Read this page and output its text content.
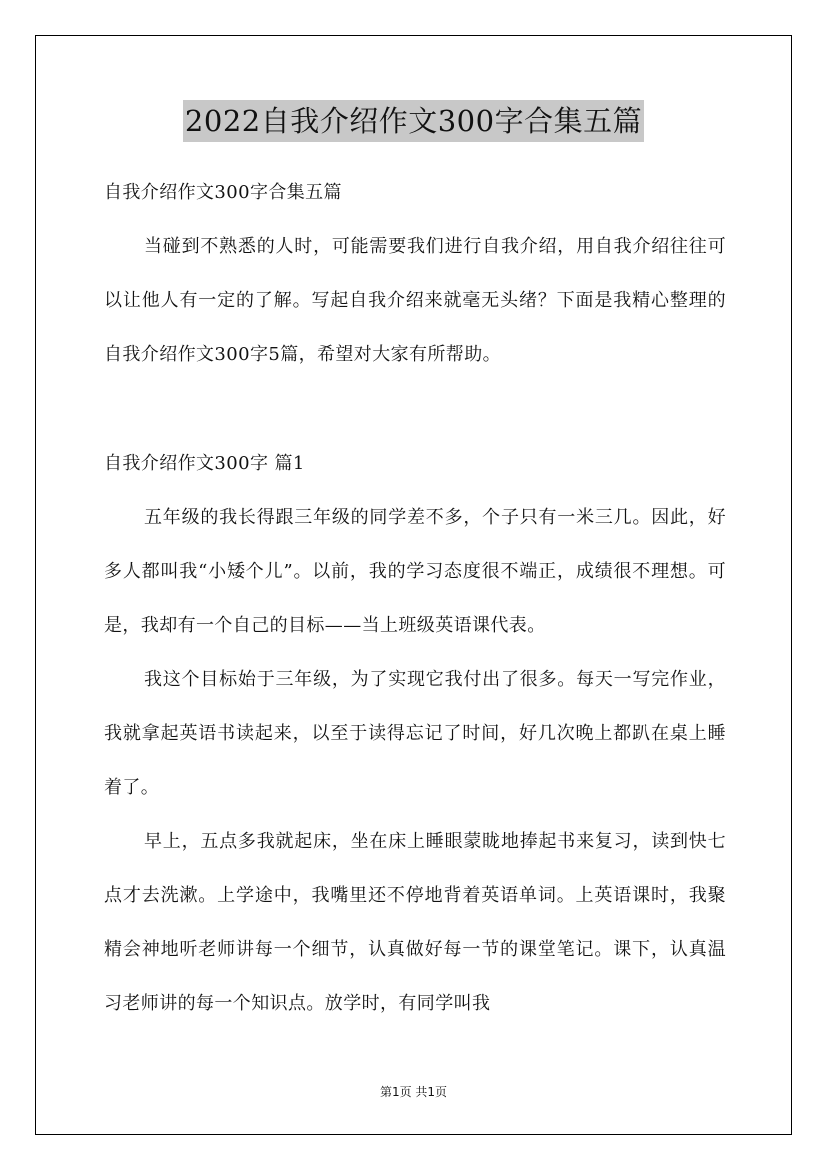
2022自我介绍作文300字合集五篇
自我介绍作文300字合集五篇

当碰到不熟悉的人时，可能需要我们进行自我介绍，用自我介绍往往可以让他人有一定的了解。写起自我介绍来就毫无头绪？下面是我精心整理的自我介绍作文300字5篇，希望对大家有所帮助。

自我介绍作文300字 篇1

五年级的我长得跟三年级的同学差不多，个子只有一米三几。因此，好多人都叫我“小矮个儿”。以前，我的学习态度很不端正，成绩很不理想。可是，我却有一个自己的目标——当上班级英语课代表。

我这个目标始于三年级，为了实现它我付出了很多。每天一写完作业，我就拿起英语书读起来，以至于读得忘记了时间，好几次晚上都趴在桌上睡着了。

早上，五点多我就起床，坐在床上睡眼蒙眬地捧起书来复习，读到快七点才去洗漱。上学途中，我嘴里还不停地背着英语单词。上英语课时，我聚精会神地听老师讲每一个细节，认真做好每一节的课堂笔记。课下，认真温习老师讲的每一个知识点。放学时，有同学叫我

第1页 共1页
